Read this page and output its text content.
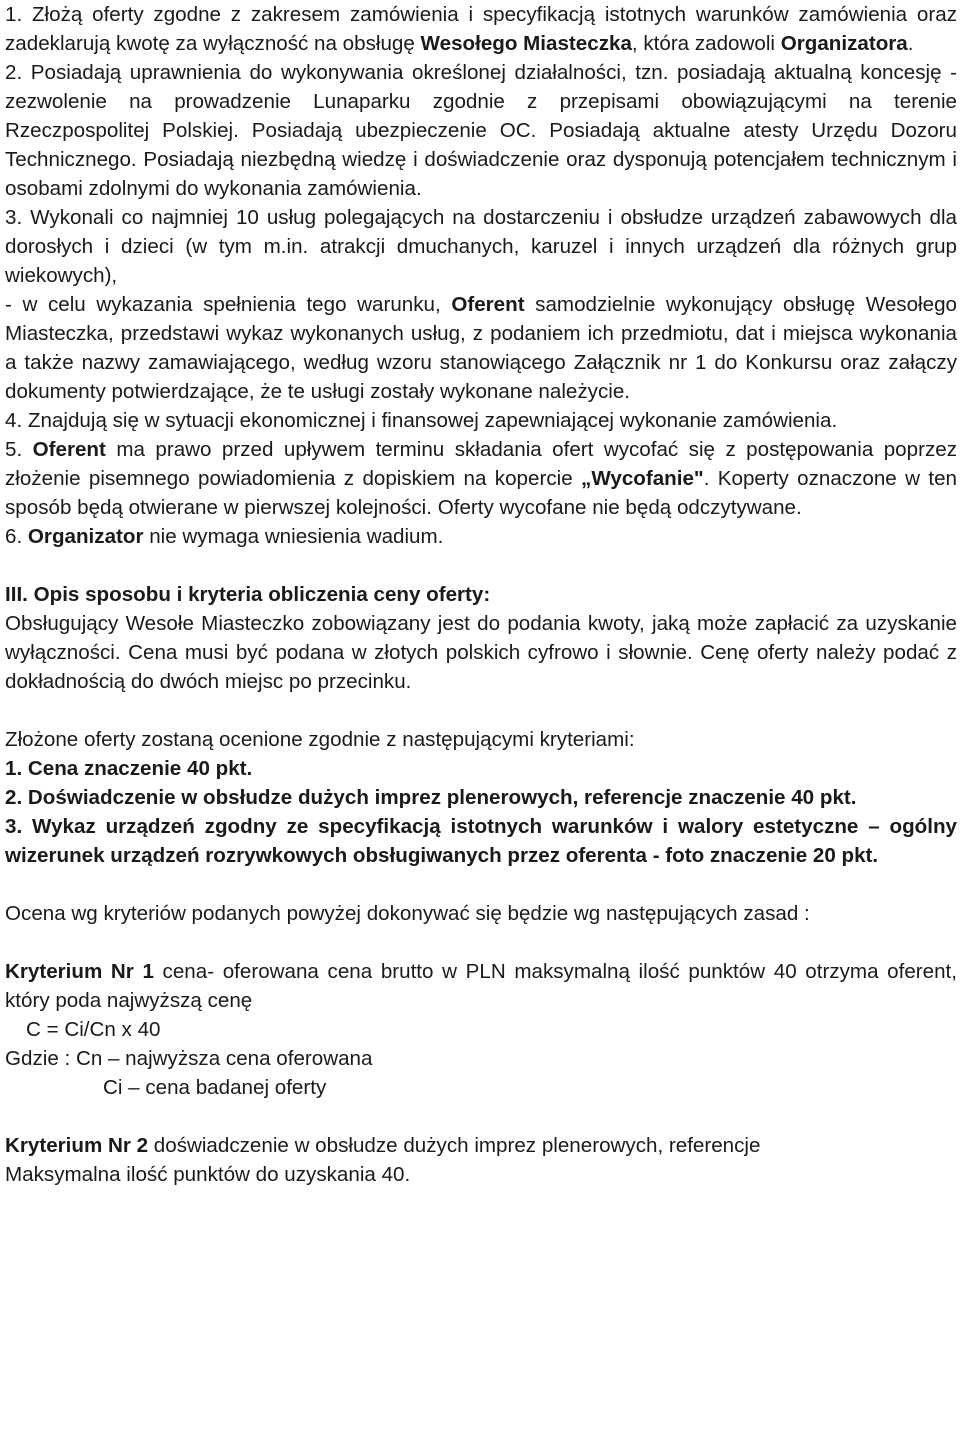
1. Złożą oferty zgodne z zakresem zamówienia i specyfikacją istotnych warunków zamówienia oraz zadeklarują kwotę za wyłączność na obsługę Wesołego Miasteczka, która zadowoli Organizatora.

2. Posiadają uprawnienia do wykonywania określonej działalności, tzn. posiadają aktualną koncesję - zezwolenie na prowadzenie Lunaparku zgodnie z przepisami obowiązującymi na terenie Rzeczpospolitej Polskiej. Posiadają ubezpieczenie OC. Posiadają aktualne atesty Urzędu Dozoru Technicznego. Posiadają niezbędną wiedzę i doświadczenie oraz dysponują potencjałem technicznym i osobami zdolnymi do wykonania zamówienia.

3. Wykonali co najmniej 10 usług polegających na dostarczeniu i obsłudze urządzeń zabawowych dla dorosłych i dzieci (w tym m.in. atrakcji dmuchanych, karuzel i innych urządzeń dla różnych grup wiekowych),

- w celu wykazania spełnienia tego warunku, Oferent samodzielnie wykonujący obsługę Wesołego Miasteczka, przedstawi wykaz wykonanych usług, z podaniem ich przedmiotu, dat i miejsca wykonania a także nazwy zamawiającego, według wzoru stanowiącego Załącznik nr 1 do Konkursu oraz załączy dokumenty potwierdzające, że te usługi zostały wykonane należycie.

4. Znajdują się w sytuacji ekonomicznej i finansowej zapewniającej wykonanie zamówienia.

5. Oferent ma prawo przed upływem terminu składania ofert wycofać się z postępowania poprzez złożenie pisemnego powiadomienia z dopiskiem na kopercie „Wycofanie". Koperty oznaczone w ten sposób będą otwierane w pierwszej kolejności. Oferty wycofane nie będą odczytywane.

6. Organizator nie wymaga wniesienia wadium.

III. Opis sposobu i kryteria obliczenia ceny oferty:

Obsługujący Wesołe Miasteczko zobowiązany jest do podania kwoty, jaką może zapłacić za uzyskanie wyłączności. Cena musi być podana w złotych polskich cyfrowo i słownie. Cenę oferty należy podać z dokładnością do dwóch miejsc po przecinku.

Złożone oferty zostaną ocenione zgodnie z następującymi kryteriami:

1. Cena znaczenie 40 pkt.

2. Doświadczenie w obsłudze dużych imprez plenerowych, referencje znaczenie 40 pkt.

3. Wykaz urządzeń zgodny ze specyfikacją istotnych warunków i walory estetyczne – ogólny wizerunek urządzeń rozrywkowych obsługiwanych przez oferenta - foto znaczenie 20 pkt.

Ocena wg kryteriów podanych powyżej dokonywać się będzie wg następujących zasad :

Kryterium Nr 1 cena- oferowana cena brutto w PLN maksymalną ilość punktów 40 otrzyma oferent, który poda najwyższą cenę

C = Ci/Cn x 40

Gdzie : Cn – najwyższa cena oferowana

Ci – cena badanej oferty

Kryterium Nr 2 doświadczenie w obsłudze dużych imprez plenerowych, referencje

Maksymalna ilość punktów do uzyskania 40.
